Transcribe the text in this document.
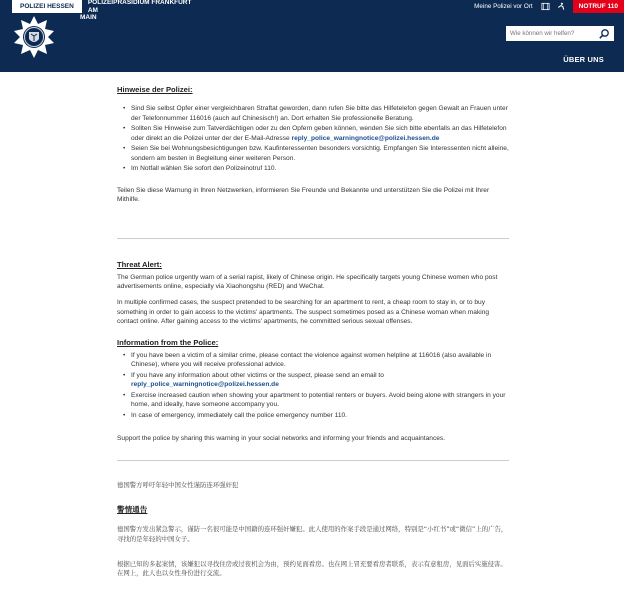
POLIZEI HESSEN	POLIZEIPRÄSIDIUM FRANKFURT AM
Meine Polizei vor Ort	NOTRUF 110
MAIN
Wie können wir helfen?
ÜBER UNS
Hinweise der Polizei:
• Sind Sie selbst Opfer einer vergleichbaren Straftat geworden, dann rufen Sie bitte das Hilfetelefon gegen Gewalt an Frauen unter der Telefonnummer 116016 (auch auf Chinesisch!) an. Dort erhalten Sie professionelle Beratung.
• Sollten Sie Hinweise zum Tatverdächtigen oder zu den Opfern geben können, wenden Sie sich bitte ebenfalls an das Hilfetelefon oder direkt an die Polizei unter der der E-Mail-Adresse reply_police_warningnotice@polizei.hessen.de
• Seien Sie bei Wohnungsbesichtigungen bzw. Kaufinteressenten besonders vorsichtig. Empfangen Sie Interessenten nicht alleine, sondern am besten in Begleitung einer weiteren Person.
• Im Notfall wählen Sie sofort den Polizeinotruf 110.

Teilen Sie diese Warnung in Ihren Netzwerken, informieren Sie Freunde und Bekannte und unterstützen Sie die Polizei mit Ihrer Mithilfe.

Threat Alert:

The German police urgently warn of a serial rapist, likely of Chinese origin. He specifically targets young Chinese women who post advertisements online, especially via Xiaohongshu (RED) and WeChat.

In multiple confirmed cases, the suspect pretended to be searching for an apartment to rent, a cheap room to stay in, or to buy something in order to gain access to the victims' apartments. The suspect sometimes posed as a Chinese woman when making contact online. After gaining access to the victims' apartments, he committed serious sexual offenses.

Information from the Police:
• If you have been a victim of a similar crime, please contact the violence against women helpline at 116016 (also available in Chinese), where you will receive professional advice.
• If you have any information about other victims or the suspect, please send an email to
reply_police_warningnotice@polizei.hessen.de
• Exercise increased caution when showing your apartment to potential renters or buyers. Avoid being alone with strangers in your home, and ideally, have someone accompany you.
• In case of emergency, immediately call the police emergency number 110.

Support the police by sharing this warning in your social networks and informing your friends and acquaintances.

德国警方呼吁年轻中国女性谨防连环强奸犯

警情通告

德国警方发出紧急警示，谨防一名很可能是中国籍的连环强奸嫌犯。此人使用的作案手段是通过网络，特别是“小红书”或“微信”上的广告，寻找的是年轻的中国女子。

根据已知的多起案情，该嫌犯以寻找住房或过夜机会为由，预约见面看房。也在网上冒充要看房者联系，表示有意租房，见面后实施侵害。在网上，此人也以女性身份进行交流。
